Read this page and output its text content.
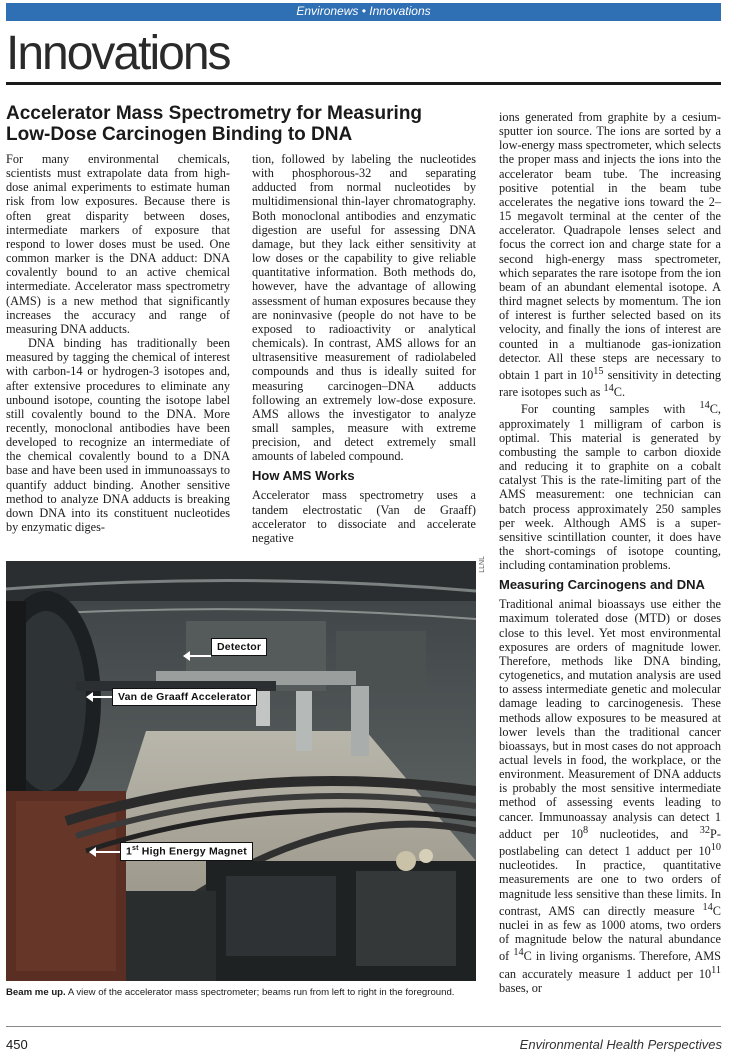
Environews • Innovations
Innovations
Accelerator Mass Spectrometry for Measuring
Low-Dose Carcinogen Binding to DNA

For many environmental chemicals, scientists must extrapolate data from high-dose animal experiments to estimate human risk from low exposures. Because there is often great disparity between doses, intermediate markers of exposure that respond to lower doses must be used. One common marker is the DNA adduct: DNA covalently bound to an active chemical intermediate. Accelerator mass spectrometry (AMS) is a new method that significantly increases the accuracy and range of measuring DNA adducts.

DNA binding has traditionally been measured by tagging the chemical of interest with carbon-14 or hydrogen-3 isotopes and, after extensive procedures to eliminate any unbound isotope, counting the isotope label still covalently bound to the DNA. More recently, monoclonal antibodies have been developed to recognize an intermediate of the chemical covalently bound to a DNA base and have been used in immunoassays to quantify adduct binding. Another sensitive method to analyze DNA adducts is breaking down DNA into its constituent nucleotides by enzymatic diges-

tion, followed by labeling the nucleotides with phosphorous-32 and separating adducted from normal nucleotides by multidimensional thin-layer chromatography. Both monoclonal antibodies and enzymatic digestion are useful for assessing DNA damage, but they lack either sensitivity at low doses or the capability to give reliable quantitative information. Both methods do, however, have the advantage of allowing assessment of human exposures because they are noninvasive (people do not have to be exposed to radioactivity or analytical chemicals). In contrast, AMS allows for an ultrasensitive measurement of radiolabeled compounds and thus is ideally suited for measuring carcinogen–DNA adducts following an extremely low-dose exposure. AMS allows the investigator to analyze small samples, measure with extreme precision, and detect extremely small amounts of labeled compound.

How AMS Works

Accelerator mass spectrometry uses a tandem electrostatic (Van de Graaff) accelerator to dissociate and accelerate negative

ions generated from graphite by a cesium-sputter ion source. The ions are sorted by a low-energy mass spectrometer, which selects the proper mass and injects the ions into the accelerator beam tube. The increasing positive potential in the beam tube accelerates the negative ions toward the 2–15 megavolt terminal at the center of the accelerator. Quadrapole lenses select and focus the correct ion and charge state for a second high-energy mass spectrometer, which separates the rare isotope from the ion beam of an abundant elemental isotope. A third magnet selects by momentum. The ion of interest is further selected based on its velocity, and finally the ions of interest are counted in a multianode gas-ionization detector. All these steps are necessary to obtain 1 part in $10^{15}$ sensitivity in detecting rare isotopes such as $^{14}$C.

For counting samples with $^{14}$C, approximately 1 milligram of carbon is optimal. This material is generated by combusting the sample to carbon dioxide and reducing it to graphite on a cobalt catalyst This is the rate-limiting part of the AMS measurement: one technician can batch process approximately 250 samples per week. Although AMS is a super-sensitive scintillation counter, it does have the short-comings of isotope counting, including contamination problems.

Measuring Carcinogens and DNA

Traditional animal bioassays use either the maximum tolerated dose (MTD) or doses close to this level. Yet most environmental exposures are orders of magnitude lower. Therefore, methods like DNA binding, cytogenetics, and mutation analysis are used to assess intermediate genetic and molecular damage leading to carcinogenesis. These methods allow exposures to be measured at lower levels than the traditional cancer bioassays, but in most cases do not approach actual levels in food, the workplace, or the environment. Measurement of DNA adducts is probably the most sensitive intermediate method of assessing events leading to cancer. Immunoassay analysis can detect 1 adduct per $10^8$ nucleotides, and $^{32}$P-postlabeling can detect 1 adduct per $10^{10}$ nucleotides. In practice, quantitative measurements are one to two orders of magnitude less sensitive than these limits. In contrast, AMS can directly measure $^{14}$C nuclei in as few as 1000 atoms, two orders of magnitude below the natural abundance of $^{14}$C in living organisms. Therefore, AMS can accurately measure 1 adduct per $10^{11}$ bases, or

LLNL
Detector
Van de Graaff Accelerator
1st High Energy Magnet
Beam me up. A view of the accelerator mass spectrometer; beams run from left to right in the foreground.
450	Environmental Health Perspectives
